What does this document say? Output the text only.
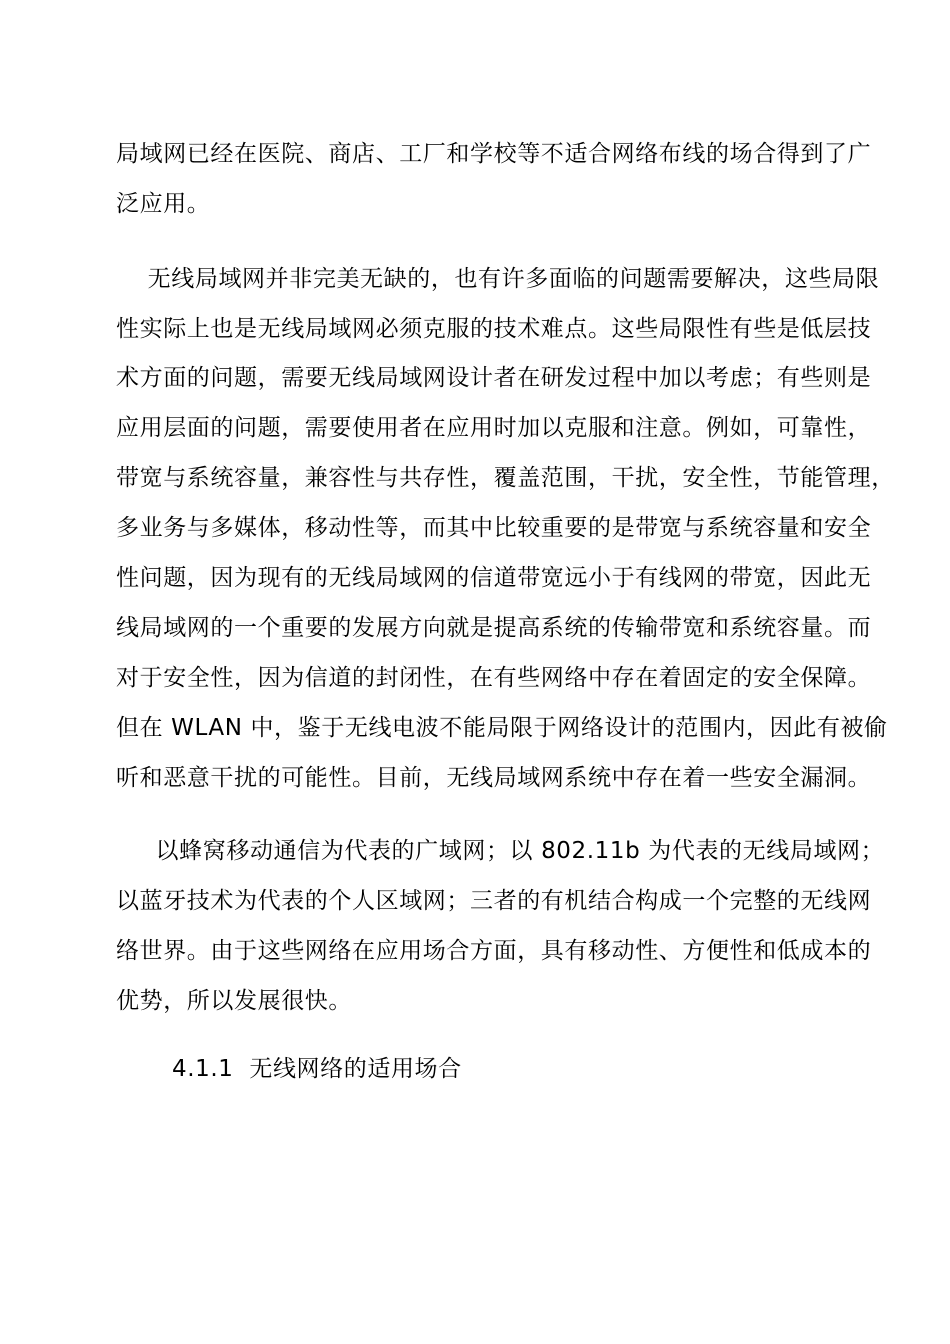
局域网已经在医院、商店、工厂和学校等不适合网络布线的场合得到了广
泛应用。
无线局域网并非完美无缺的，也有许多面临的问题需要解决，这些局限
性实际上也是无线局域网必须克服的技术难点。这些局限性有些是低层技
术方面的问题，需要无线局域网设计者在研发过程中加以考虑；有些则是
应用层面的问题，需要使用者在应用时加以克服和注意。例如，可靠性，
带宽与系统容量，兼容性与共存性，覆盖范围，干扰，安全性，节能管理，
多业务与多媒体，移动性等，而其中比较重要的是带宽与系统容量和安全
性问题，因为现有的无线局域网的信道带宽远小于有线网的带宽，因此无
线局域网的一个重要的发展方向就是提高系统的传输带宽和系统容量。而
对于安全性，因为信道的封闭性，在有些网络中存在着固定的安全保障。
但在 WLAN 中，鉴于无线电波不能局限于网络设计的范围内，因此有被偷
听和恶意干扰的可能性。目前，无线局域网系统中存在着一些安全漏洞。
以蜂窝移动通信为代表的广域网；以 802.11b 为代表的无线局域网；
以蓝牙技术为代表的个人区域网；三者的有机结合构成一个完整的无线网
络世界。由于这些网络在应用场合方面，具有移动性、方便性和低成本的
优势，所以发展很快。
4.1.1  无线网络的适用场合
